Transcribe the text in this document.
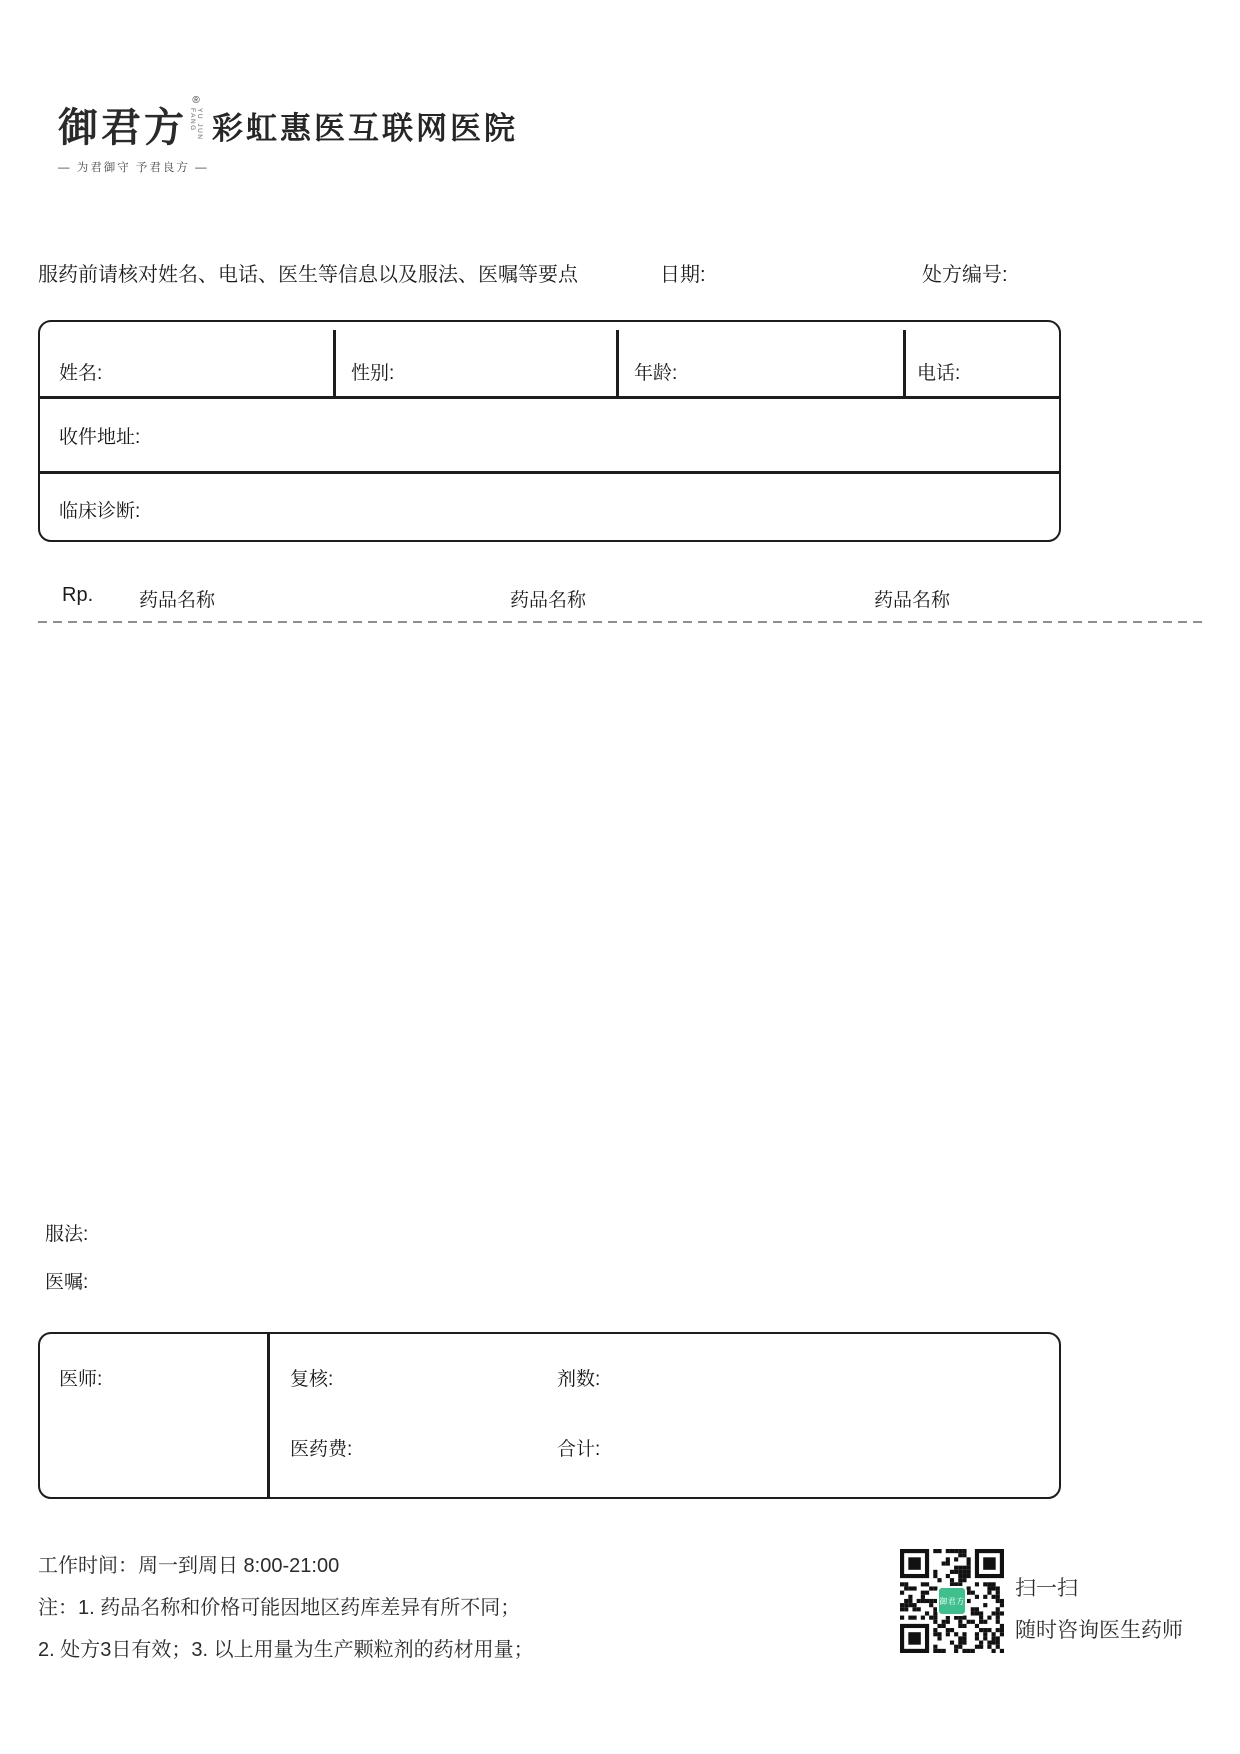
御君方
®
YU JUN FANG
— 为君御守 予君良方 —
彩虹惠医互联网医院
服药前请核对姓名、电话、医生等信息以及服法、医嘱等要点	日期:	处方编号:
姓名:	性别:	年龄:	电话:
收件地址:
临床诊断:
Rp. 药品名称	药品名称	药品名称
服法:
医嘱:
医师:	复核:	剂数:
医药费:	合计:
工作时间：周一到周日 8:00-21:00
注：1. 药品名称和价格可能因地区药库差异有所不同；
2. 处方3日有效；3. 以上用量为生产颗粒剂的药材用量；
御君方
扫一扫
随时咨询医生药师
